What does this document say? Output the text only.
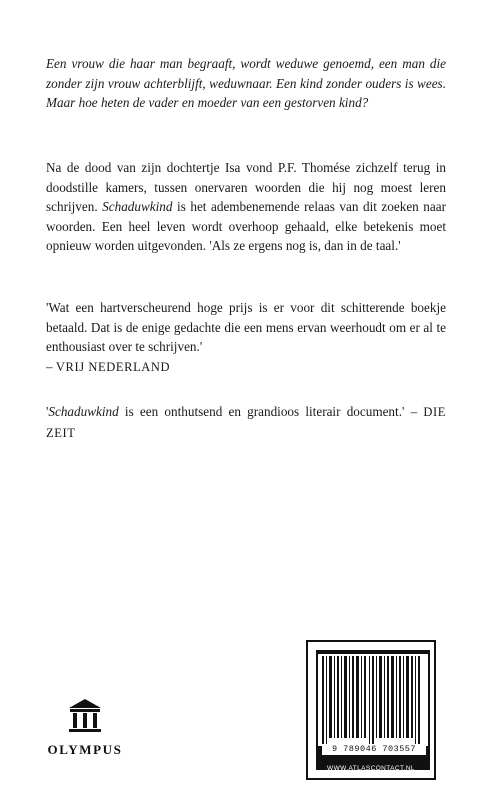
Een vrouw die haar man begraaft, wordt weduwe genoemd, een man die zonder zijn vrouw achterblijft, weduwnaar. Een kind zonder ouders is wees. Maar hoe heten de vader en moeder van een gestorven kind?

Na de dood van zijn dochtertje Isa vond P.F. Thomése zichzelf terug in doodstille kamers, tussen onervaren woorden die hij nog moest leren schrijven. Schaduwkind is het adembenemende relaas van dit zoeken naar woorden. Een heel leven wordt overhoop gehaald, elke betekenis moet opnieuw worden uitgevonden. 'Als ze ergens nog is, dan in de taal.'

'Wat een hartverscheurend hoge prijs is er voor dit schitterende boekje betaald. Dat is de enige gedachte die een mens ervan weerhoudt om er al te enthousiast over te schrijven.'

– VRIJ NEDERLAND

'Schaduwkind is een onthutsend en grandioos literair document.' – DIE ZEIT

OLYMPUS	9 789046 703557
WWW.ATLASCONTACT.NL
